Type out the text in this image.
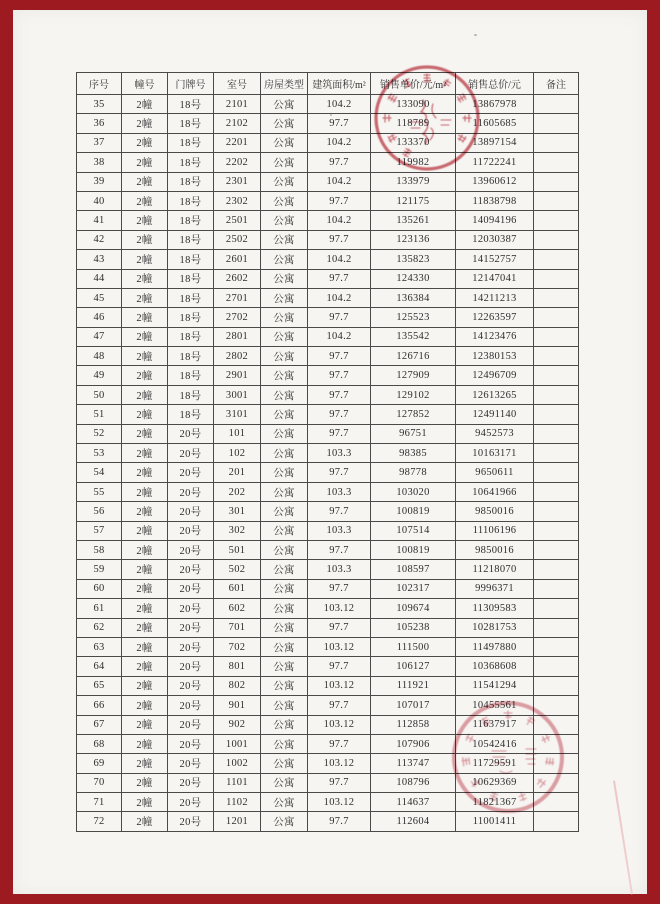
序号	幢号	门牌号	室号	房屋类型	建筑面积/m²	销售单价/元/m²	销售总价/元	备注
35	2幢	18号	2101	公寓	104.2	133090	13867978	
36	2幢	18号	2102	公寓	97.7	118789	11605685	
37	2幢	18号	2201	公寓	104.2	133370	13897154	
38	2幢	18号	2202	公寓	97.7	119982	11722241	
39	2幢	18号	2301	公寓	104.2	133979	13960612	
40	2幢	18号	2302	公寓	97.7	121175	11838798	
41	2幢	18号	2501	公寓	104.2	135261	14094196	
42	2幢	18号	2502	公寓	97.7	123136	12030387	
43	2幢	18号	2601	公寓	104.2	135823	14152757	
44	2幢	18号	2602	公寓	97.7	124330	12147041	
45	2幢	18号	2701	公寓	104.2	136384	14211213	
46	2幢	18号	2702	公寓	97.7	125523	12263597	
47	2幢	18号	2801	公寓	104.2	135542	14123476	
48	2幢	18号	2802	公寓	97.7	126716	12380153	
49	2幢	18号	2901	公寓	97.7	127909	12496709	
50	2幢	18号	3001	公寓	97.7	129102	12613265	
51	2幢	18号	3101	公寓	97.7	127852	12491140	
52	2幢	20号	101	公寓	97.7	96751	9452573	
53	2幢	20号	102	公寓	103.3	98385	10163171	
54	2幢	20号	201	公寓	97.7	98778	9650611	
55	2幢	20号	202	公寓	103.3	103020	10641966	
56	2幢	20号	301	公寓	97.7	100819	9850016	
57	2幢	20号	302	公寓	103.3	107514	11106196	
58	2幢	20号	501	公寓	97.7	100819	9850016	
59	2幢	20号	502	公寓	103.3	108597	11218070	
60	2幢	20号	601	公寓	97.7	102317	9996371	
61	2幢	20号	602	公寓	103.12	109674	11309583	
62	2幢	20号	701	公寓	97.7	105238	10281753	
63	2幢	20号	702	公寓	103.12	111500	11497880	
64	2幢	20号	801	公寓	97.7	106127	10368608	
65	2幢	20号	802	公寓	103.12	111921	11541294	
66	2幢	20号	901	公寓	97.7	107017	10455561	
67	2幢	20号	902	公寓	103.12	112858	11637917	
68	2幢	20号	1001	公寓	97.7	107906	10542416	
69	2幢	20号	1002	公寓	103.12	113747	11729591	
70	2幢	20号	1101	公寓	97.7	108796	10629369	
71	2幢	20号	1102	公寓	103.12	114637	11821367	
72	2幢	20号	1201	公寓	97.7	112604	11001411	
